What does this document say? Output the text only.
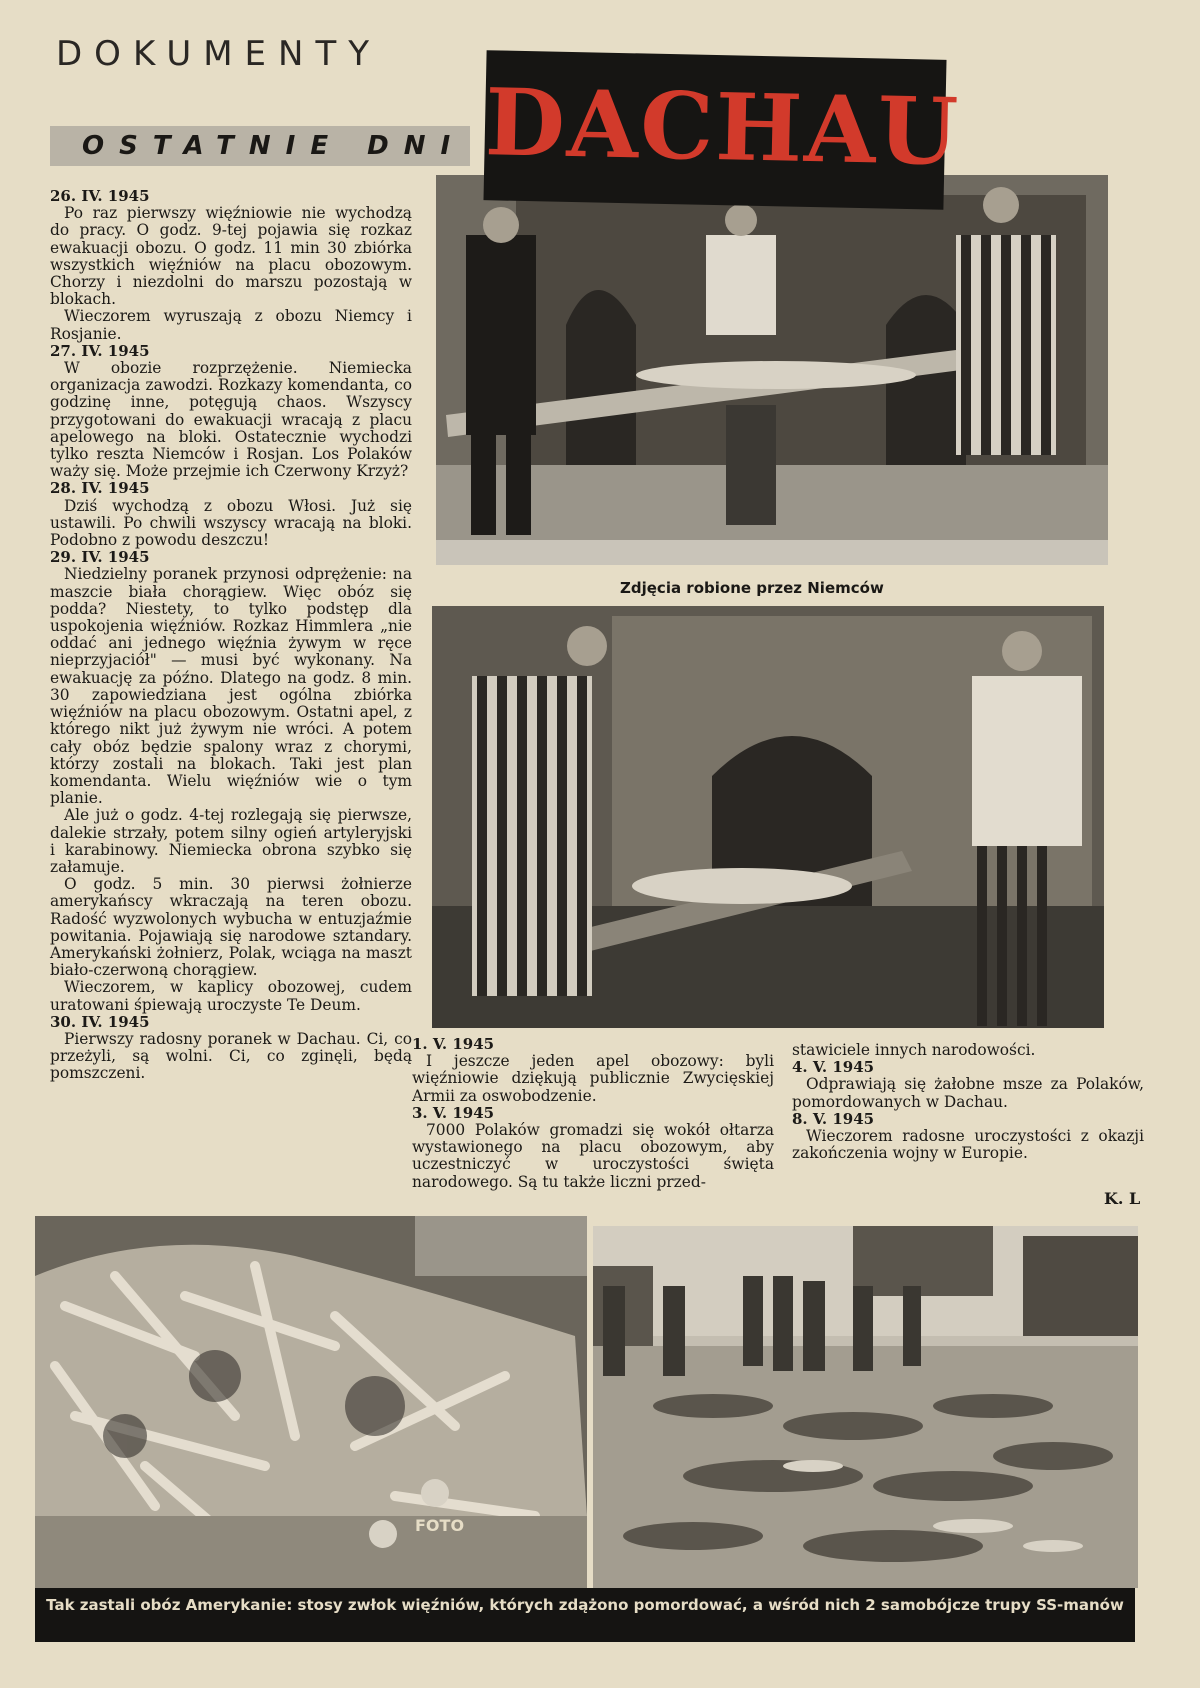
DOKUMENTY
OSTATNIE DNI DACHAU
26. IV. 1945

Po raz pierwszy więźniowie nie wychodzą do pracy. O godz. 9-tej pojawia się rozkaz ewakuacji obozu. O godz. 11 min 30 zbiórka wszystkich więźniów na placu obozowym. Chorzy i niezdolni do marszu pozostają w blokach.

Wieczorem wyruszają z obozu Niemcy i Rosjanie.

27. IV. 1945

W obozie rozprzężenie. Niemiecka organizacja zawodzi. Rozkazy komendanta, co godzinę inne, potęgują chaos. Wszyscy przygotowani do ewakuacji wracają z placu apelowego na bloki. Ostatecznie wychodzi tylko reszta Niemców i Rosjan. Los Polaków waży się. Może przejmie ich Czerwony Krzyż?

28. IV. 1945

Dziś wychodzą z obozu Włosi. Już się ustawili. Po chwili wszyscy wracają na bloki. Podobno z powodu deszczu!

29. IV. 1945

Niedzielny poranek przynosi odprężenie: na maszcie biała chorągiew. Więc obóz się podda? Niestety, to tylko podstęp dla uspokojenia więźniów. Rozkaz Himmlera „nie oddać ani jednego więźnia żywym w ręce nieprzyjaciół" — musi być wykonany. Na ewakuację za późno. Dlatego na godz. 8 min. 30 zapowiedziana jest ogólna zbiórka więźniów na placu obozowym. Ostatni apel, z którego nikt już żywym nie wróci. A potem cały obóz będzie spalony wraz z chorymi, którzy zostali na blokach. Taki jest plan komendanta. Wielu więźniów wie o tym planie.

Ale już o godz. 4-tej rozlegają się pierwsze, dalekie strzały, potem silny ogień artyleryjski i karabinowy. Niemiecka obrona szybko się załamuje.

O godz. 5 min. 30 pierwsi żołnierze amerykańscy wkraczają na teren obozu. Radość wyzwolonych wybucha w entuzjaźmie powitania. Pojawiają się narodowe sztandary. Amerykański żołnierz, Polak, wciąga na maszt biało-czerwoną chorągiew.

Wieczorem, w kaplicy obozowej, cudem uratowani śpiewają uroczyste Te Deum.

30. IV. 1945

Pierwszy radosny poranek w Dachau. Ci, co przeżyli, są wolni. Ci, co zginęli, będą pomszczeni.

Zdjęcia robione przez Niemców
1. V. 1945

I jeszcze jeden apel obozowy: byli więźniowie dziękują publicznie Zwycięskiej Armii za oswobodzenie.

3. V. 1945

7000 Polaków gromadzi się wokół ołtarza wystawionego na placu obozowym, aby uczestniczyć w uroczystości święta narodowego. Są tu także liczni przed-

stawiciele innych narodowości.

4. V. 1945

Odprawiają się żałobne msze za Polaków, pomordowanych w Dachau.

8. V. 1945

Wieczorem radosne uroczystości z okazji zakończenia wojny w Europie.

K. L
FOTO
Tak zastali obóz Amerykanie: stosy zwłok więźniów, których zdążono pomordować, a wśród nich 2 samobójcze trupy SS-manów
